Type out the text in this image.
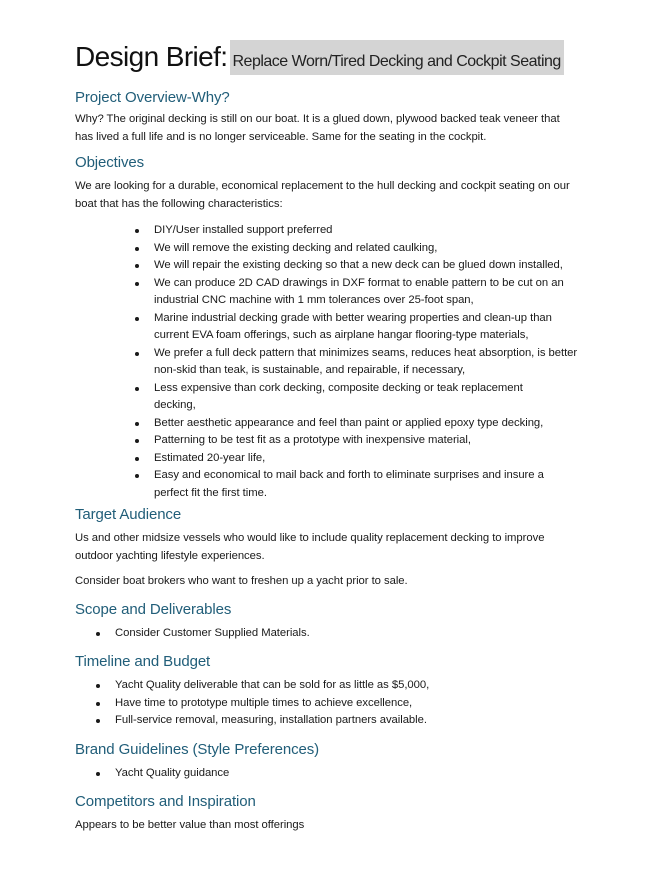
Design Brief: Replace Worn/Tired Decking and Cockpit Seating
Project Overview-Why?
Why? The original decking is still on our boat. It is a glued down, plywood backed teak veneer that has lived a full life and is no longer serviceable. Same for the seating in the cockpit.
Objectives
We are looking for a durable, economical replacement to the hull decking and cockpit seating on our boat that has the following characteristics:
DIY/User installed support preferred
We will remove the existing decking and related caulking,
We will repair the existing decking so that a new deck can be glued down installed,
We can produce 2D CAD drawings in DXF format to enable pattern to be cut on an industrial CNC machine with 1 mm tolerances over 25-foot span,
Marine industrial decking grade with better wearing properties and clean-up than current EVA foam offerings, such as airplane hangar flooring-type materials,
We prefer a full deck pattern that minimizes seams, reduces heat absorption, is better non-skid than teak, is sustainable, and repairable, if necessary,
Less expensive than cork decking, composite decking or teak replacement decking,
Better aesthetic appearance and feel than paint or applied epoxy type decking,
Patterning to be test fit as a prototype with inexpensive material,
Estimated 20-year life,
Easy and economical to mail back and forth to eliminate surprises and insure a perfect fit the first time.
Target Audience
Us and other midsize vessels who would like to include quality replacement decking to improve outdoor yachting lifestyle experiences.
Consider boat brokers who want to freshen up a yacht prior to sale.
Scope and Deliverables
Consider Customer Supplied Materials.
Timeline and Budget
Yacht Quality deliverable that can be sold for as little as $5,000,
Have time to prototype multiple times to achieve excellence,
Full-service removal, measuring, installation partners available.
Brand Guidelines (Style Preferences)
Yacht Quality guidance
Competitors and Inspiration
Appears to be better value than most offerings
